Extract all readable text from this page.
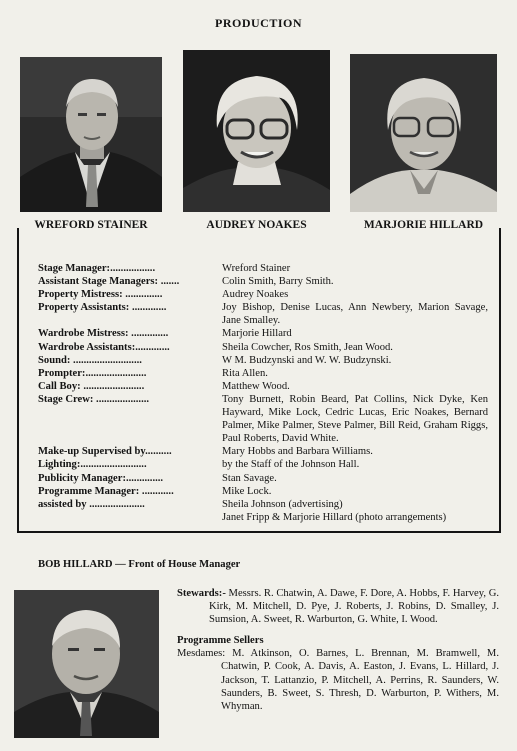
PRODUCTION
WREFORD STAINER	AUDREY NOAKES	MARJORIE HILLARD
Stage Manager:.................	Wreford Stainer
Assistant Stage Managers: .......	Colin Smith, Barry Smith.
Property Mistress: ..............	Audrey Noakes
Property Assistants: .............	Joy Bishop, Denise Lucas, Ann Newbery, Marion Savage, Jane Smalley.
Wardrobe Mistress: ..............	Marjorie Hillard
Wardrobe Assistants:.............	Sheila Cowcher, Ros Smith, Jean Wood.
Sound: ..........................	W M. Budzynski and W. W. Budzynski.
Prompter:.......................	Rita Allen.
Call Boy: .......................	Matthew Wood.
Stage Crew: ....................	Tony Burnett, Robin Beard, Pat Collins, Nick Dyke, Ken Hayward, Mike Lock, Cedric Lucas, Eric Noakes, Bernard Palmer, Mike Palmer, Steve Palmer, Bill Reid, Graham Riggs, Paul Roberts, David White.
Make-up Supervised by..........	Mary Hobbs and Barbara Williams.
Lighting:.........................	by the Staff of the Johnson Hall.
Publicity Manager:..............	Stan Savage.
Programme Manager: ............	Mike Lock.
assisted by .....................	Sheila Johnson (advertising)
Janet Fripp & Marjorie Hillard (photo arrangements)
BOB HILLARD — Front of House Manager
Stewards:- Messrs. R. Chatwin, A. Dawe, F. Dore, A. Hobbs, F. Harvey, G. Kirk, M. Mitchell, D. Pye, J. Roberts, J. Robins, D. Smalley, J. Sumsion, A. Sweet, R. Warburton, G. White, I. Wood.
Programme Sellers
Mesdames: M. Atkinson, O. Barnes, L. Brennan, M. Bramwell, M. Chatwin, P. Cook, A. Davis, A. Easton, J. Evans, L. Hillard, J. Jackson, T. Lattanzio, P. Mitchell, A. Perrins, R. Saunders, W. Saunders, B. Sweet, S. Thresh, D. Warburton, P. Withers, M. Whyman.
